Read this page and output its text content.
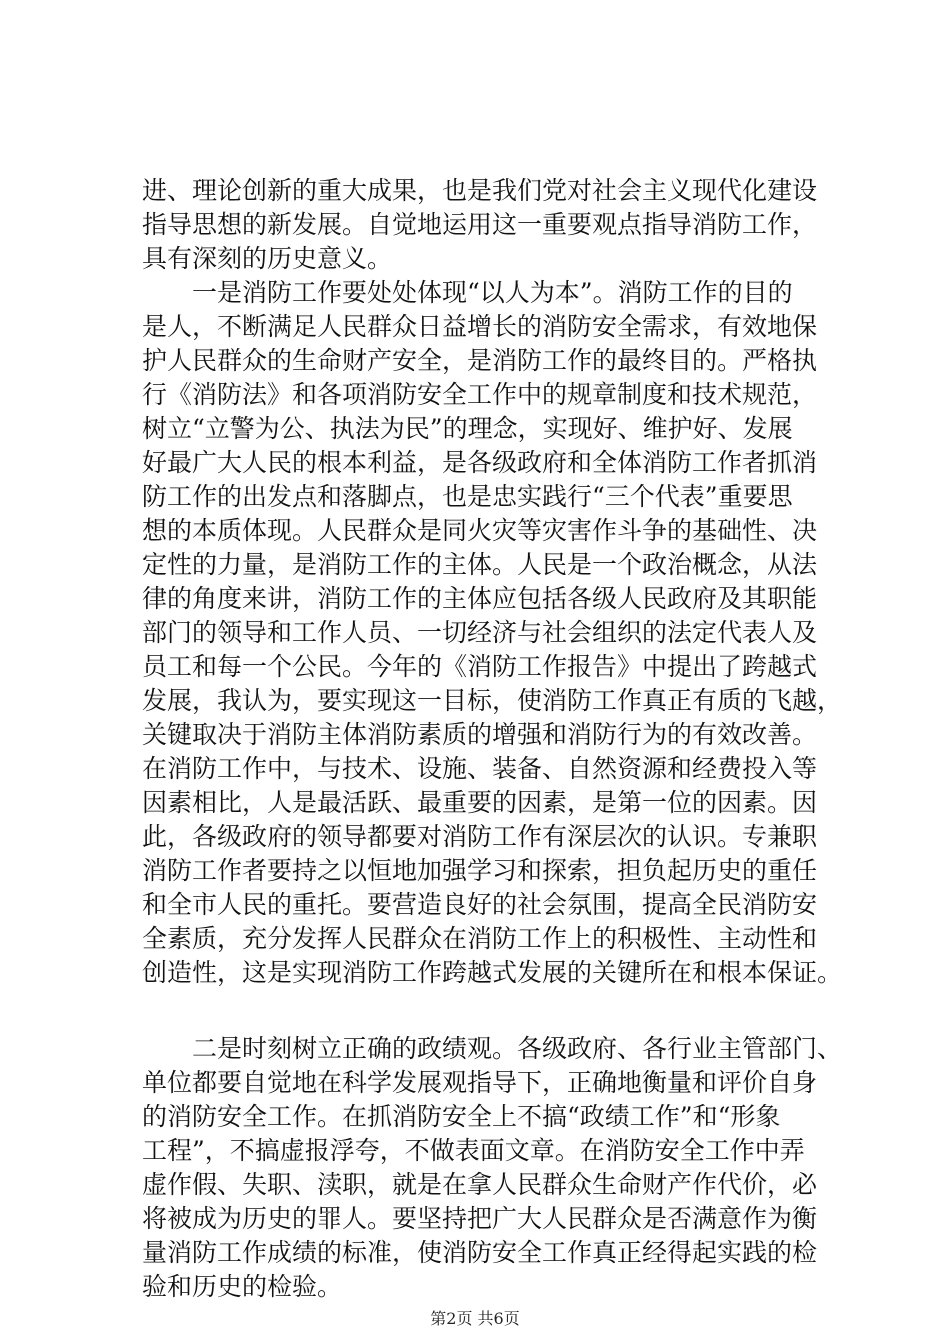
进、理论创新的重大成果，也是我们党对社会主义现代化建设
指导思想的新发展。自觉地运用这一重要观点指导消防工作，
具有深刻的历史意义。
　　一是消防工作要处处体现“以人为本”。消防工作的目的
是人，不断满足人民群众日益增长的消防安全需求，有效地保
护人民群众的生命财产安全，是消防工作的最终目的。严格执
行《消防法》和各项消防安全工作中的规章制度和技术规范，
树立“立警为公、执法为民”的理念，实现好、维护好、发展
好最广大人民的根本利益，是各级政府和全体消防工作者抓消
防工作的出发点和落脚点，也是忠实践行“三个代表”重要思
想的本质体现。人民群众是同火灾等灾害作斗争的基础性、决
定性的力量，是消防工作的主体。人民是一个政治概念，从法
律的角度来讲，消防工作的主体应包括各级人民政府及其职能
部门的领导和工作人员、一切经济与社会组织的法定代表人及
员工和每一个公民。今年的《消防工作报告》中提出了跨越式
发展，我认为，要实现这一目标，使消防工作真正有质的飞越，
关键取决于消防主体消防素质的增强和消防行为的有效改善。
在消防工作中，与技术、设施、装备、自然资源和经费投入等
因素相比，人是最活跃、最重要的因素，是第一位的因素。因
此，各级政府的领导都要对消防工作有深层次的认识。专兼职
消防工作者要持之以恒地加强学习和探索，担负起历史的重任
和全市人民的重托。要营造良好的社会氛围，提高全民消防安
全素质，充分发挥人民群众在消防工作上的积极性、主动性和
创造性，这是实现消防工作跨越式发展的关键所在和根本保证。
　　二是时刻树立正确的政绩观。各级政府、各行业主管部门、
单位都要自觉地在科学发展观指导下，正确地衡量和评价自身
的消防安全工作。在抓消防安全上不搞“政绩工作”和“形象
工程”，不搞虚报浮夸，不做表面文章。在消防安全工作中弄
虚作假、失职、渎职，就是在拿人民群众生命财产作代价，必
将被成为历史的罪人。要坚持把广大人民群众是否满意作为衡
量消防工作成绩的标准，使消防安全工作真正经得起实践的检
验和历史的检验。
第2页 共6页
